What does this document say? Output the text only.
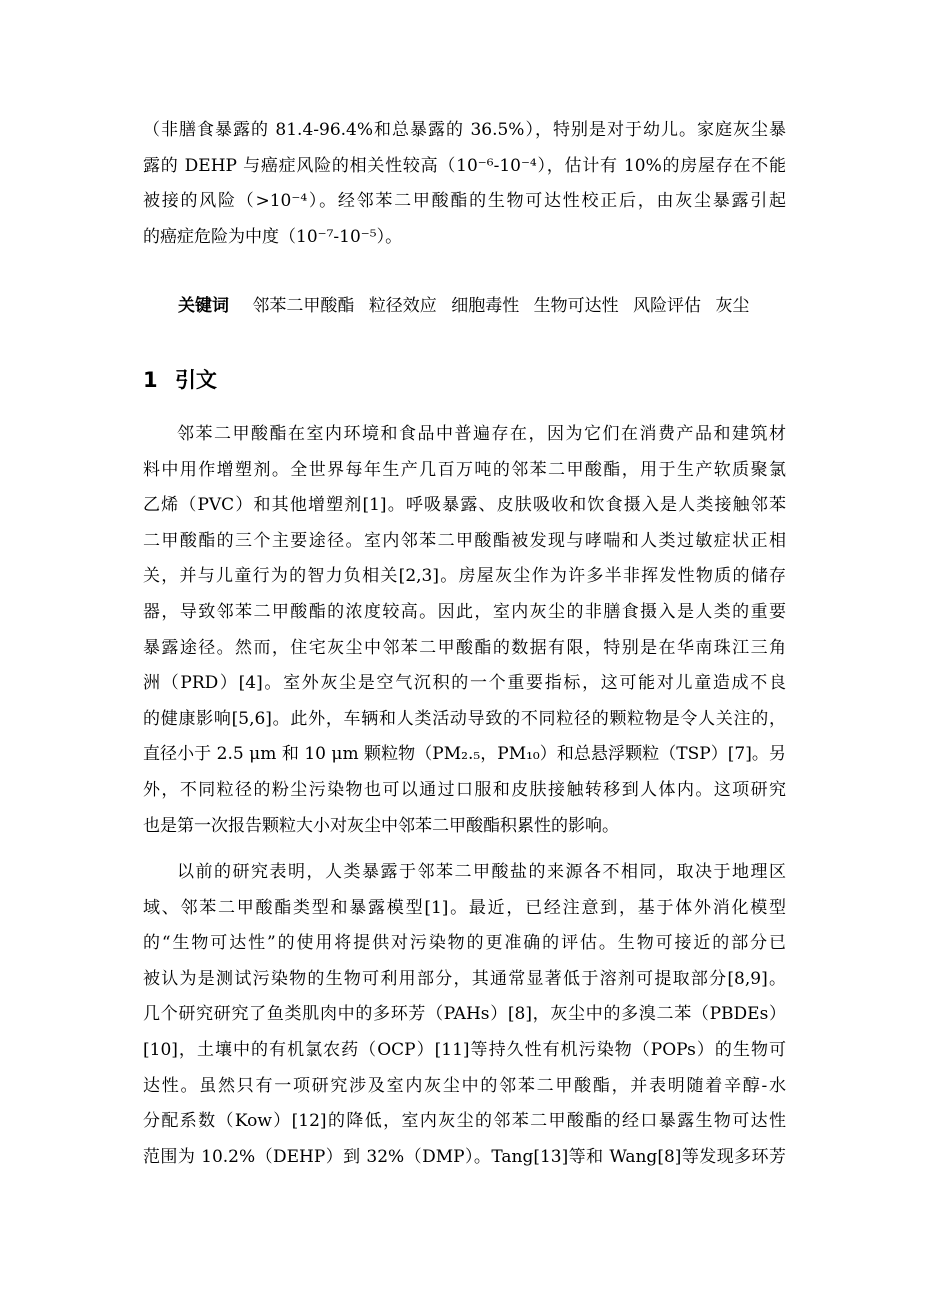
（非膳食暴露的 81.4-96.4%和总暴露的 36.5%），特别是对于幼儿。家庭灰尘暴
露的 DEHP 与癌症风险的相关性较高（10⁻⁶-10⁻⁴），估计有 10%的房屋存在不能
被接的风险（>10⁻⁴）。经邻苯二甲酸酯的生物可达性校正后，由灰尘暴露引起
的癌症危险为中度（10⁻⁷-10⁻⁵）。
关键词 邻苯二甲酸酯 粒径效应 细胞毒性 生物可达性 风险评估 灰尘
1 引文
邻苯二甲酸酯在室内环境和食品中普遍存在，因为它们在消费产品和建筑材
料中用作增塑剂。全世界每年生产几百万吨的邻苯二甲酸酯，用于生产软质聚氯
乙烯（PVC）和其他增塑剂[1]。呼吸暴露、皮肤吸收和饮食摄入是人类接触邻苯
二甲酸酯的三个主要途径。室内邻苯二甲酸酯被发现与哮喘和人类过敏症状正相
关，并与儿童行为的智力负相关[2,3]。房屋灰尘作为许多半非挥发性物质的储存
器，导致邻苯二甲酸酯的浓度较高。因此，室内灰尘的非膳食摄入是人类的重要
暴露途径。然而，住宅灰尘中邻苯二甲酸酯的数据有限，特别是在华南珠江三角
洲（PRD）[4]。室外灰尘是空气沉积的一个重要指标，这可能对儿童造成不良
的健康影响[5,6]。此外，车辆和人类活动导致的不同粒径的颗粒物是令人关注的，
直径小于 2.5 μm 和 10 μm 颗粒物（PM₂.₅，PM₁₀）和总悬浮颗粒（TSP）[7]。另
外，不同粒径的粉尘污染物也可以通过口服和皮肤接触转移到人体内。这项研究
也是第一次报告颗粒大小对灰尘中邻苯二甲酸酯积累性的影响。
以前的研究表明，人类暴露于邻苯二甲酸盐的来源各不相同，取决于地理区
域、邻苯二甲酸酯类型和暴露模型[1]。最近，已经注意到，基于体外消化模型
的“生物可达性”的使用将提供对污染物的更准确的评估。生物可接近的部分已
被认为是测试污染物的生物可利用部分，其通常显著低于溶剂可提取部分[8,9]。
几个研究研究了鱼类肌肉中的多环芳（PAHs）[8]，灰尘中的多溴二苯（PBDEs）
[10]，土壤中的有机氯农药（OCP）[11]等持久性有机污染物（POPs）的生物可
达性。虽然只有一项研究涉及室内灰尘中的邻苯二甲酸酯，并表明随着辛醇-水
分配系数（Kow）[12]的降低，室内灰尘的邻苯二甲酸酯的经口暴露生物可达性
范围为 10.2%（DEHP）到 32%（DMP）。Tang[13]等和 Wang[8]等发现多环芳
